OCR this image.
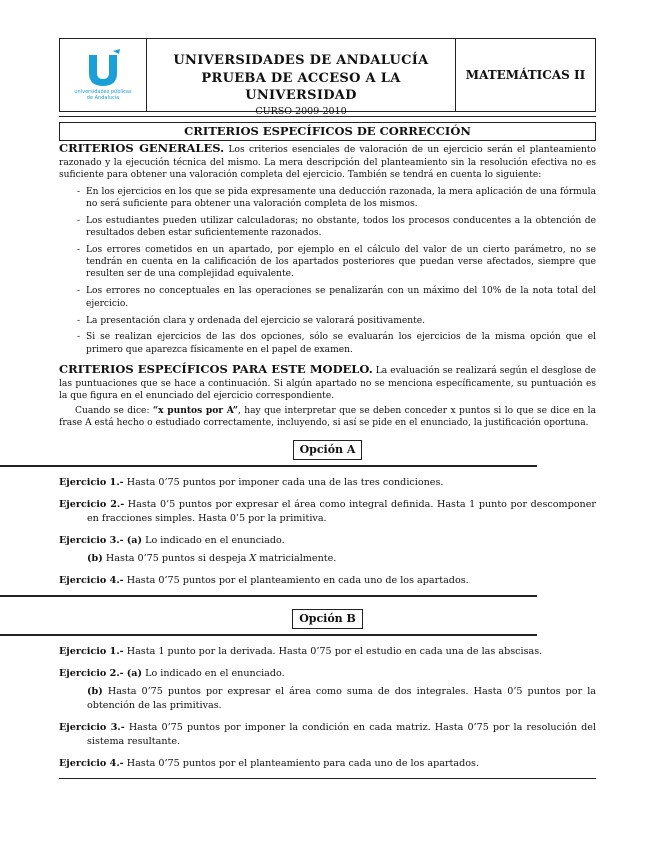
universidades públicas
de Andalucía
UNIVERSIDADES DE ANDALUCÍA
PRUEBA DE ACCESO A LA UNIVERSIDAD
CURSO 2009-2010
MATEMÁTICAS II
CRITERIOS ESPECÍFICOS DE CORRECCIÓN
CRITERIOS GENERALES. Los criterios esenciales de valoración de un ejercicio serán el planteamiento razonado y la ejecución técnica del mismo. La mera descripción del planteamiento sin la resolución efectiva no es suficiente para obtener una valoración completa del ejercicio. También se tendrá en cuenta lo siguiente:
- En los ejercicios en los que se pida expresamente una deducción razonada, la mera aplicación de una fórmula no será suficiente para obtener una valoración completa de los mismos.
- Los estudiantes pueden utilizar calculadoras; no obstante, todos los procesos conducentes a la obtención de resultados deben estar suficientemente razonados.
- Los errores cometidos en un apartado, por ejemplo en el cálculo del valor de un cierto parámetro, no se tendrán en cuenta en la calificación de los apartados posteriores que puedan verse afectados, siempre que resulten ser de una complejidad equivalente.
- Los errores no conceptuales en las operaciones se penalizarán con un máximo del 10% de la nota total del ejercicio.
- La presentación clara y ordenada del ejercicio se valorará positivamente.
- Si se realizan ejercicios de las dos opciones, sólo se evaluarán los ejercicios de la misma opción que el primero que aparezca físicamente en el papel de examen.
CRITERIOS ESPECÍFICOS PARA ESTE MODELO. La evaluación se realizará según el desglose de las puntuaciones que se hace a continuación. Si algún apartado no se menciona específicamente, su puntuación es la que figura en el enunciado del ejercicio correspondiente.
Cuando se dice: “x puntos por A”, hay que interpretar que se deben conceder x puntos si lo que se dice en la frase A está hecho o estudiado correctamente, incluyendo, si así se pide en el enunciado, la justificación oportuna.
Opción A
Ejercicio 1.- Hasta 0’75 puntos por imponer cada una de las tres condiciones.
Ejercicio 2.- Hasta 0’5 puntos por expresar el área como integral definida. Hasta 1 punto por descomponer en fracciones simples. Hasta 0’5 por la primitiva.
Ejercicio 3.- (a) Lo indicado en el enunciado.
(b) Hasta 0’75 puntos si despeja X matricialmente.
Ejercicio 4.- Hasta 0’75 puntos por el planteamiento en cada uno de los apartados.
Opción B
Ejercicio 1.- Hasta 1 punto por la derivada. Hasta 0’75 por el estudio en cada una de las abscisas.
Ejercicio 2.- (a) Lo indicado en el enunciado.
(b) Hasta 0’75 puntos por expresar el área como suma de dos integrales. Hasta 0’5 puntos por la obtención de las primitivas.
Ejercicio 3.- Hasta 0’75 puntos por imponer la condición en cada matriz. Hasta 0’75 por la resolución del sistema resultante.
Ejercicio 4.- Hasta 0’75 puntos por el planteamiento para cada uno de los apartados.
